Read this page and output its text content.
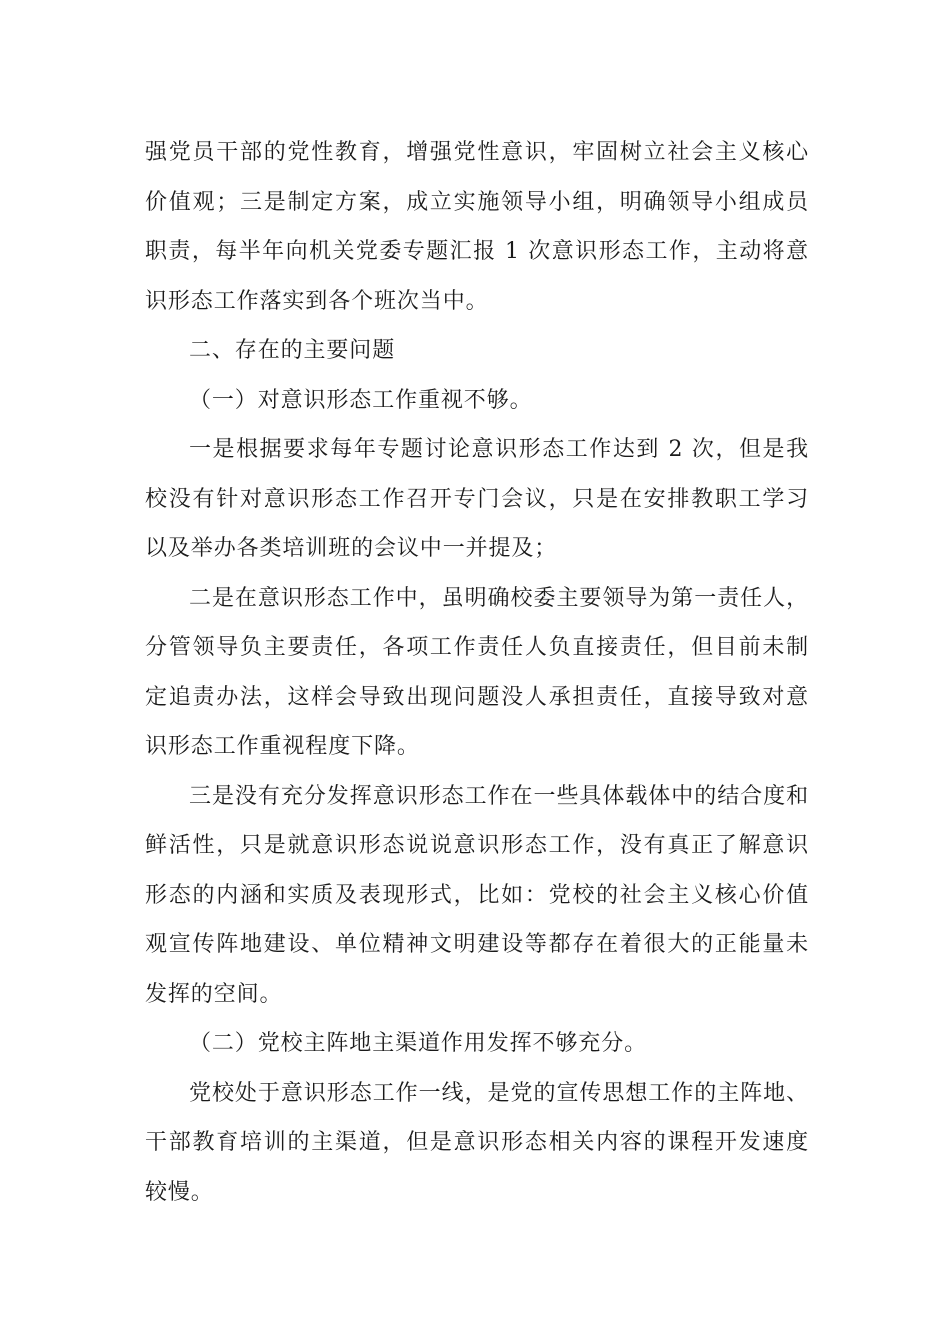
强党员干部的党性教育，增强党性意识，牢固树立社会主义核心价值观；三是制定方案，成立实施领导小组，明确领导小组成员职责，每半年向机关党委专题汇报 1 次意识形态工作，主动将意识形态工作落实到各个班次当中。

二、存在的主要问题

（一）对意识形态工作重视不够。

一是根据要求每年专题讨论意识形态工作达到 2 次，但是我校没有针对意识形态工作召开专门会议，只是在安排教职工学习以及举办各类培训班的会议中一并提及；

二是在意识形态工作中，虽明确校委主要领导为第一责任人，分管领导负主要责任，各项工作责任人负直接责任，但目前未制定追责办法，这样会导致出现问题没人承担责任，直接导致对意识形态工作重视程度下降。

三是没有充分发挥意识形态工作在一些具体载体中的结合度和鲜活性，只是就意识形态说说意识形态工作，没有真正了解意识形态的内涵和实质及表现形式，比如：党校的社会主义核心价值观宣传阵地建设、单位精神文明建设等都存在着很大的正能量未发挥的空间。

（二）党校主阵地主渠道作用发挥不够充分。

党校处于意识形态工作一线，是党的宣传思想工作的主阵地、干部教育培训的主渠道，但是意识形态相关内容的课程开发速度较慢。
